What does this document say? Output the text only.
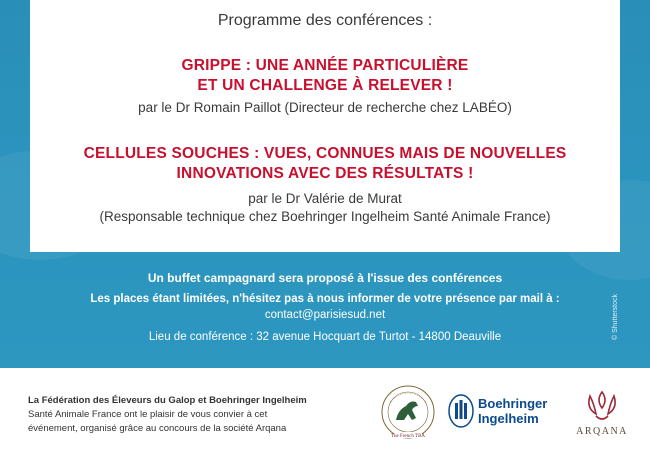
Programme des conférences :
GRIPPE : UNE ANNÉE PARTICULIÈRE
ET UN CHALLENGE À RELEVER !
par le Dr Romain Paillot (Directeur de recherche chez LABÉO)
CELLULES SOUCHES : VUES, CONNUES MAIS DE NOUVELLES
INNOVATIONS AVEC DES RÉSULTATS !
par le Dr Valérie de Murat
(Responsable technique chez Boehringer Ingelheim Santé Animale France)
Un buffet campagnard sera proposé à l'issue des conférences
Les places étant limitées, n'hésitez pas à nous informer de votre présence par mail à :
contact@parisiesud.net
Lieu de conférence : 32 avenue Hocquart de Turtot - 14800 Deauville	© Shutterstock
La Fédération des Éleveurs du Galop et Boehringer Ingelheim
Santé Animale France ont le plaisir de vous convier à cet
événement, organisé grâce au concours de la société Arqana
The French TBA
Boehringer
Ingelheim
ARQANA
